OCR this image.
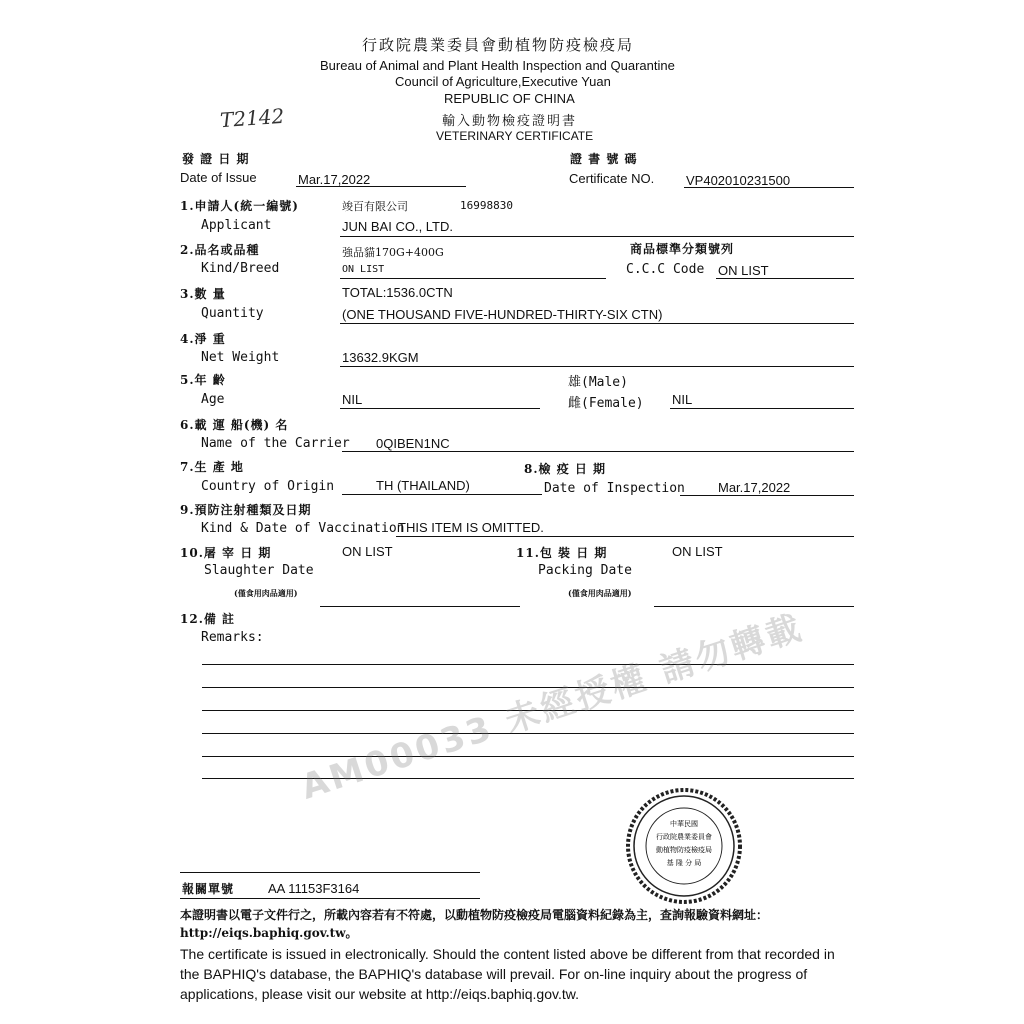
行政院農業委員會動植物防疫檢疫局
Bureau of Animal and Plant Health Inspection and Quarantine
Council of Agriculture,Executive Yuan
REPUBLIC OF CHINA
輸入動物檢疫證明書
VETERINARY CERTIFICATE
T2142
發 證 日 期
Date of Issue	Mar.17,2022
證 書 號 碼
Certificate NO. VP402010231500
1.申請人(統一編號)	竣百有限公司	16998830
Applicant	JUN BAI CO., LTD.
2.品名或品種	強品貓170G+400G	商品標準分類號列
Kind/Breed	ON LIST	C.C.C Code ON LIST
3.數 量	TOTAL:1536.0CTN
Quantity	(ONE THOUSAND FIVE-HUNDRED-THIRTY-SIX CTN)
4.淨 重
Net Weight	13632.9KGM
5.年 齡	雄(Male)
Age	NIL	雌(Female) NIL
6.載 運 船(機) 名
Name of the Carrier 0QIBEN1NC
7.生 產 地	8.檢 疫 日 期
Country of Origin	TH (THAILAND)	Date of Inspection	Mar.17,2022
9.預防注射種類及日期
Kind & Date of Vaccination
THIS ITEM IS OMITTED.
10.屠 宰 日 期	ON LIST
Slaughter Date
(僅食用肉品適用)
11.包 裝 日 期	ON LIST
Packing Date
(僅食用肉品適用)
12.備 註
Remarks: AM00033 未經授權 請勿轉載
中華民國
行政院農業委員會
動植物防疫檢疫局
基 隆 分 局
報關單號	AA 11153F3164
本證明書以電子文件行之，所載內容若有不符處，以動植物防疫檢疫局電腦資料紀錄為主，查詢報驗資料網址：http://eiqs.baphiq.gov.tw。
The certificate is issued in electronically. Should the content listed above be different from that recorded in the BAPHIQ's database, the BAPHIQ's database will prevail. For on-line inquiry about the progress of applications, please visit our website at http://eiqs.baphiq.gov.tw.
